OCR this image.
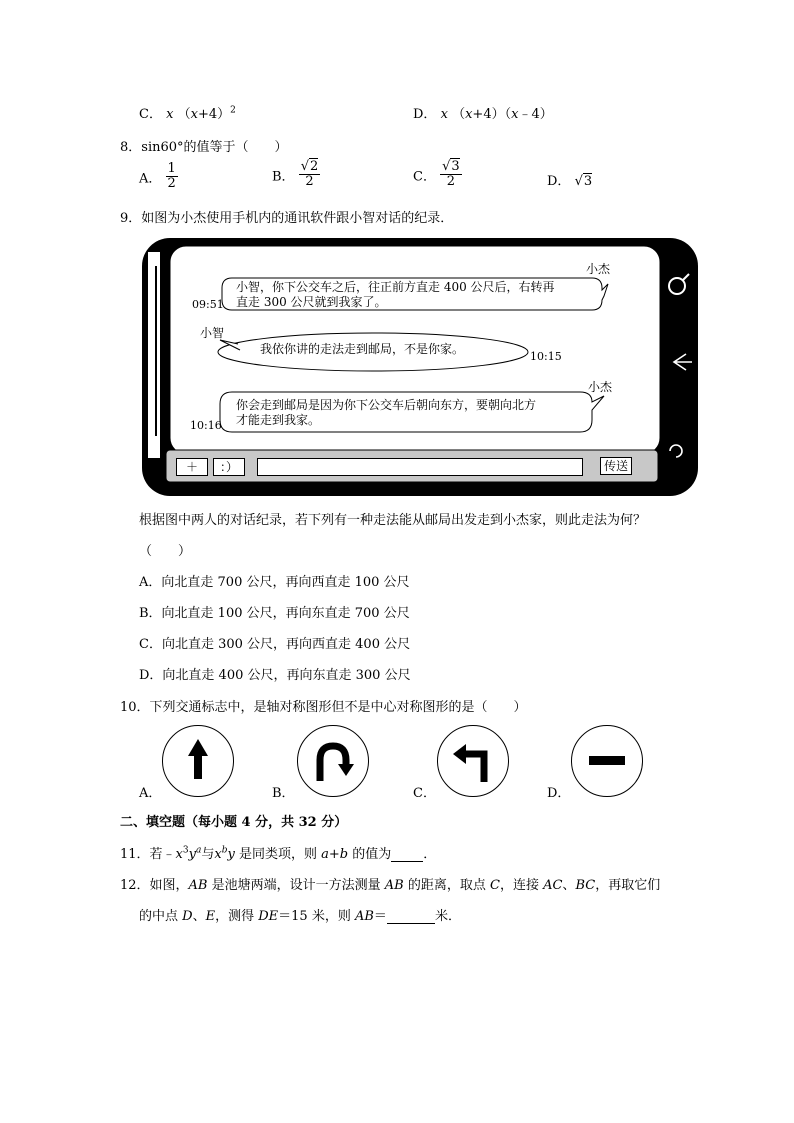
C． x $(x+4)^2$	D． x （x+4）（x﹣4）
8．sin60°的值等于（　　）
A． $\frac{1}{2}$	B． $\frac{√2}{2}$	C． $\frac{√3}{2}$	D． √3
9．如图为小杰使用手机内的通讯软件跟小智对话的纪录．
小杰
小智，你下公交车之后，往正前方直走 400 公尺后，右转再
直走 300 公尺就到我家了。
09:51
小智
我依你讲的走法走到邮局，不是你家。
10:15
小杰
你会走到邮局是因为你下公交车后朝向东方，要朝向北方
才能走到我家。
10:16
＋	：）	传送
根据图中两人的对话纪录，若下列有一种走法能从邮局出发走到小杰家，则此走法为何？
（　　）
A．向北直走 700 公尺，再向西直走 100 公尺
B．向北直走 100 公尺，再向东直走 700 公尺
C．向北直走 300 公尺，再向西直走 400 公尺
D．向北直走 400 公尺，再向东直走 300 公尺
10．下列交通标志中，是轴对称图形但不是中心对称图形的是（　　）
A．	B．	C．	D．
二、填空题（每小题 4 分，共 32 分）
11．若$﹣x^3y^a$与$x^by$ 是同类项，则 a+b 的值为 ．
12．如图，AB 是池塘两端，设计一方法测量 AB 的距离，取点 C，连接 AC、BC，再取它们
的中点 D、E，测得 DE＝15 米，则 AB＝	米．
